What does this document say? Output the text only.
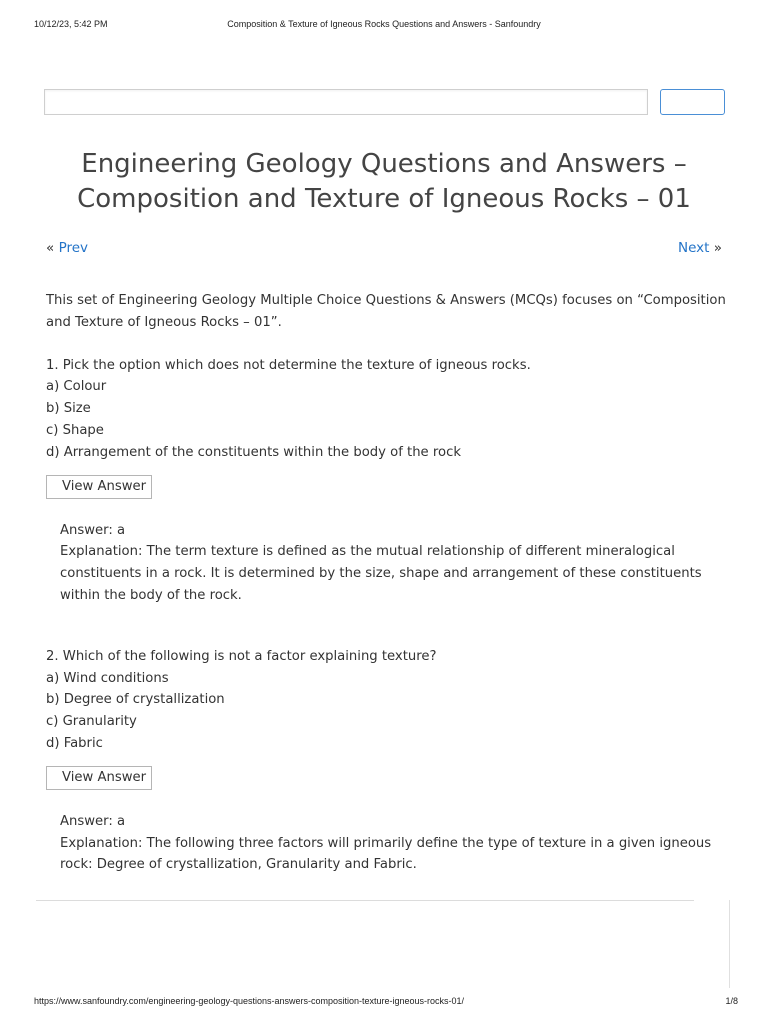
10/12/23, 5:42 PM	Composition & Texture of Igneous Rocks Questions and Answers - Sanfoundry
Engineering Geology Questions and Answers –
Composition and Texture of Igneous Rocks – 01
« Prev	Next »

This set of Engineering Geology Multiple Choice Questions & Answers (MCQs) focuses on “Composition
and Texture of Igneous Rocks – 01”.

1. Pick the option which does not determine the texture of igneous rocks.
a) Colour
b) Size
c) Shape
d) Arrangement of the constituents within the body of the rock
View Answer
Answer: a
Explanation: The term texture is defined as the mutual relationship of different mineralogical
constituents in a rock. It is determined by the size, shape and arrangement of these constituents
within the body of the rock.
2. Which of the following is not a factor explaining texture?
a) Wind conditions
b) Degree of crystallization
c) Granularity
d) Fabric
View Answer
Answer: a
Explanation: The following three factors will primarily define the type of texture in a given igneous
rock: Degree of crystallization, Granularity and Fabric.
https://www.sanfoundry.com/engineering-geology-questions-answers-composition-texture-igneous-rocks-01/	1/8
